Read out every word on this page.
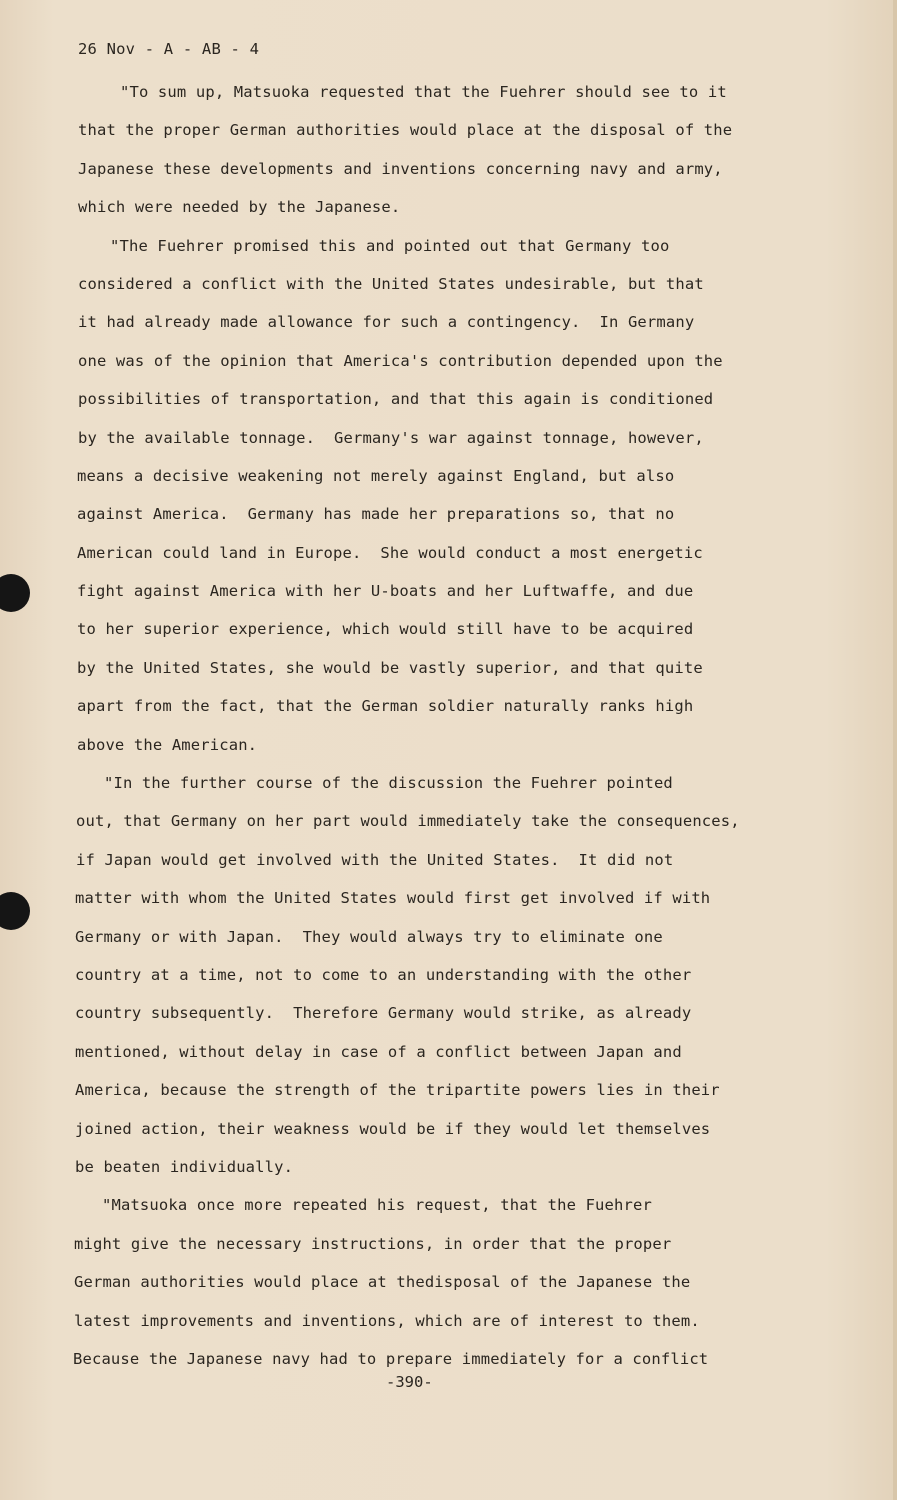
26 Nov - A - AB - 4
"To sum up, Matsuoka requested that the Fuehrer should see to it
that the proper German authorities would place at the disposal of the
Japanese these developments and inventions concerning navy and army,
which were needed by the Japanese.
"The Fuehrer promised this and pointed out that Germany too
considered a conflict with the United States undesirable, but that
it had already made allowance for such a contingency.  In Germany
one was of the opinion that America's contribution depended upon the
possibilities of transportation, and that this again is conditioned
by the available tonnage.  Germany's war against tonnage, however,
means a decisive weakening not merely against England, but also
against America.  Germany has made her preparations so, that no
American could land in Europe.  She would conduct a most energetic
fight against America with her U-boats and her Luftwaffe, and due
to her superior experience, which would still have to be acquired
by the United States, she would be vastly superior, and that quite
apart from the fact, that the German soldier naturally ranks high
above the American.
"In the further course of the discussion the Fuehrer pointed
out, that Germany on her part would immediately take the consequences,
if Japan would get involved with the United States.  It did not
matter with whom the United States would first get involved if with
Germany or with Japan.  They would always try to eliminate one
country at a time, not to come to an understanding with the other
country subsequently.  Therefore Germany would strike, as already
mentioned, without delay in case of a conflict between Japan and
America, because the strength of the tripartite powers lies in their
joined action, their weakness would be if they would let themselves
be beaten individually.
"Matsuoka once more repeated his request, that the Fuehrer
might give the necessary instructions, in order that the proper
German authorities would place at thedisposal of the Japanese the
latest improvements and inventions, which are of interest to them.
Because the Japanese navy had to prepare immediately for a conflict
-390-
